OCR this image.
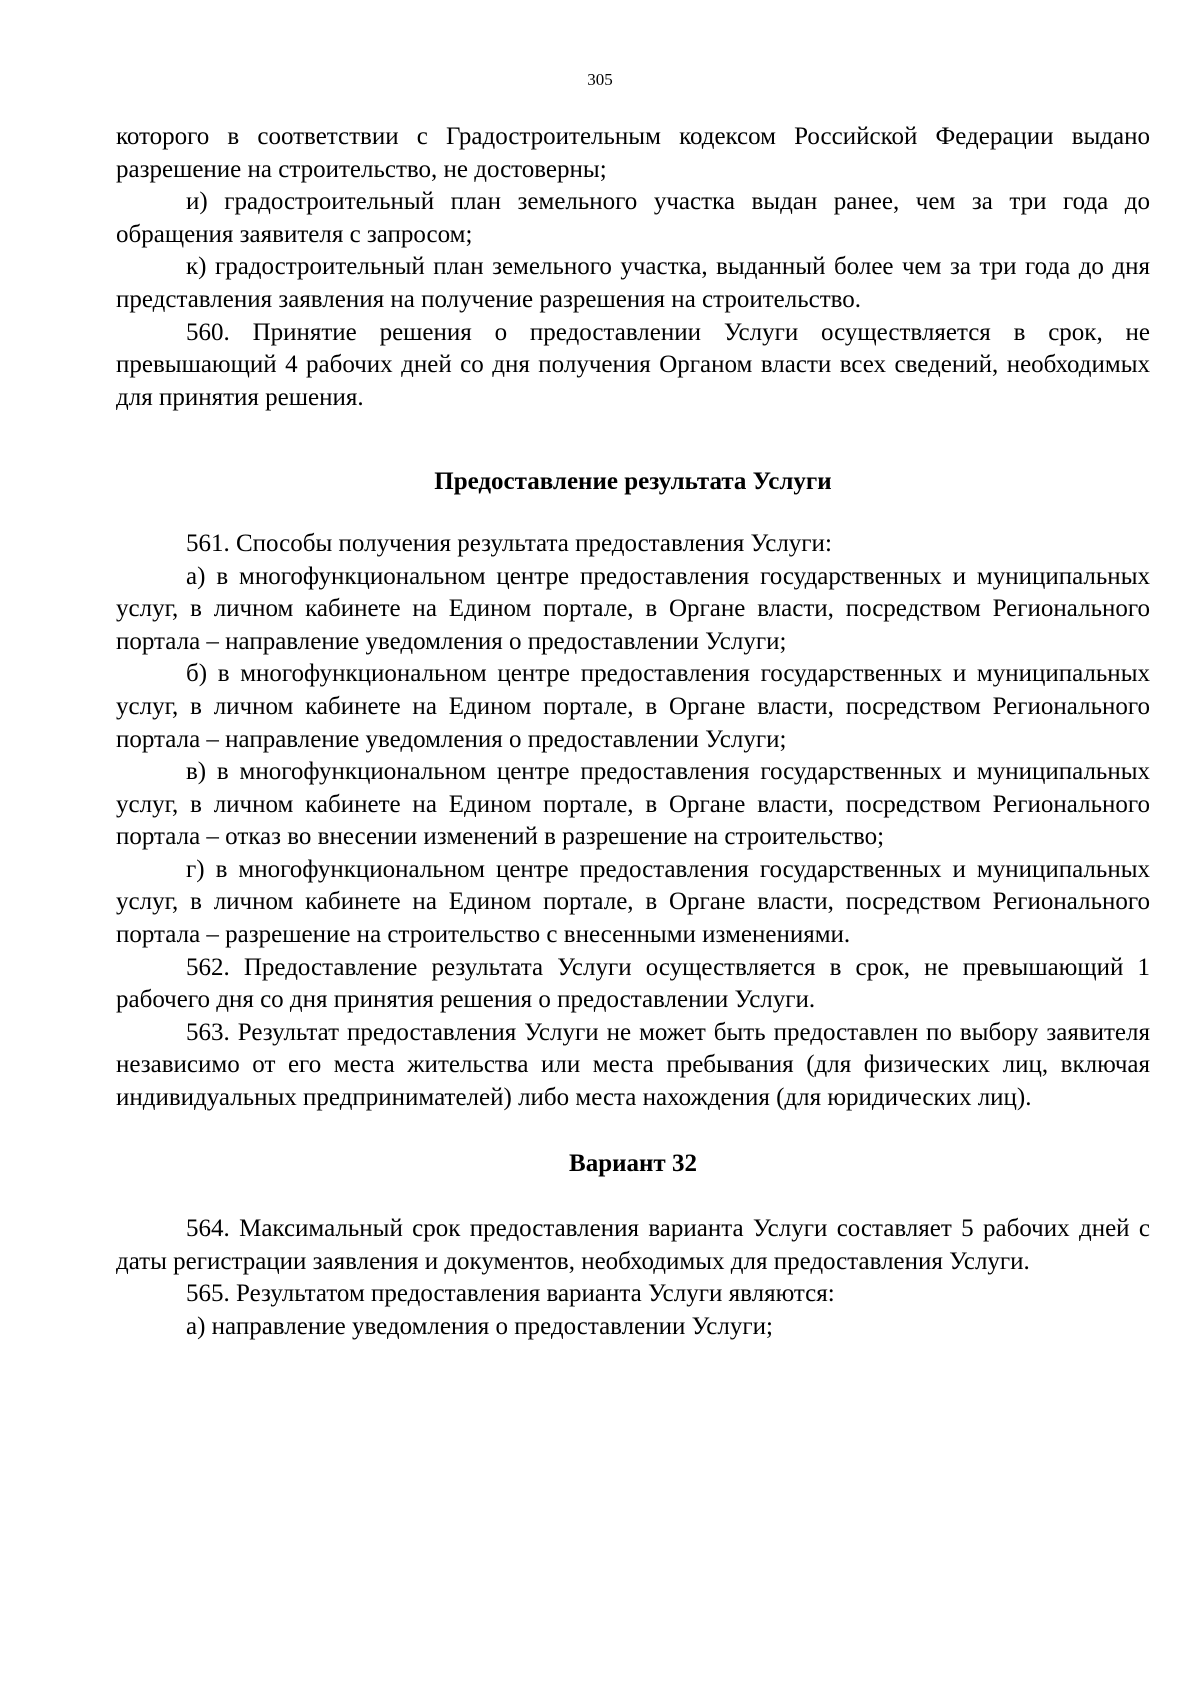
305

которого в соответствии с Градостроительным кодексом Российской Федерации выдано разрешение на строительство, не достоверны;

и) градостроительный план земельного участка выдан ранее, чем за три года до обращения заявителя с запросом;

к) градостроительный план земельного участка, выданный более чем за три года до дня представления заявления на получение разрешения на строительство.

560. Принятие решения о предоставлении Услуги осуществляется в срок, не превышающий 4 рабочих дней со дня получения Органом власти всех сведений, необходимых для принятия решения.

Предоставление результата Услуги

561. Способы получения результата предоставления Услуги:

а) в многофункциональном центре предоставления государственных и муниципальных услуг, в личном кабинете на Едином портале, в Органе власти, посредством Регионального портала – направление уведомления о предоставлении Услуги;

б) в многофункциональном центре предоставления государственных и муниципальных услуг, в личном кабинете на Едином портале, в Органе власти, посредством Регионального портала – направление уведомления о предоставлении Услуги;

в) в многофункциональном центре предоставления государственных и муниципальных услуг, в личном кабинете на Едином портале, в Органе власти, посредством Регионального портала – отказ во внесении изменений в разрешение на строительство;

г) в многофункциональном центре предоставления государственных и муниципальных услуг, в личном кабинете на Едином портале, в Органе власти, посредством Регионального портала – разрешение на строительство с внесенными изменениями.

562. Предоставление результата Услуги осуществляется в срок, не превышающий 1 рабочего дня со дня принятия решения о предоставлении Услуги.

563. Результат предоставления Услуги не может быть предоставлен по выбору заявителя независимо от его места жительства или места пребывания (для физических лиц, включая индивидуальных предпринимателей) либо места нахождения (для юридических лиц).

Вариант 32

564. Максимальный срок предоставления варианта Услуги составляет 5 рабочих дней с даты регистрации заявления и документов, необходимых для предоставления Услуги.

565. Результатом предоставления варианта Услуги являются:

а) направление уведомления о предоставлении Услуги;
